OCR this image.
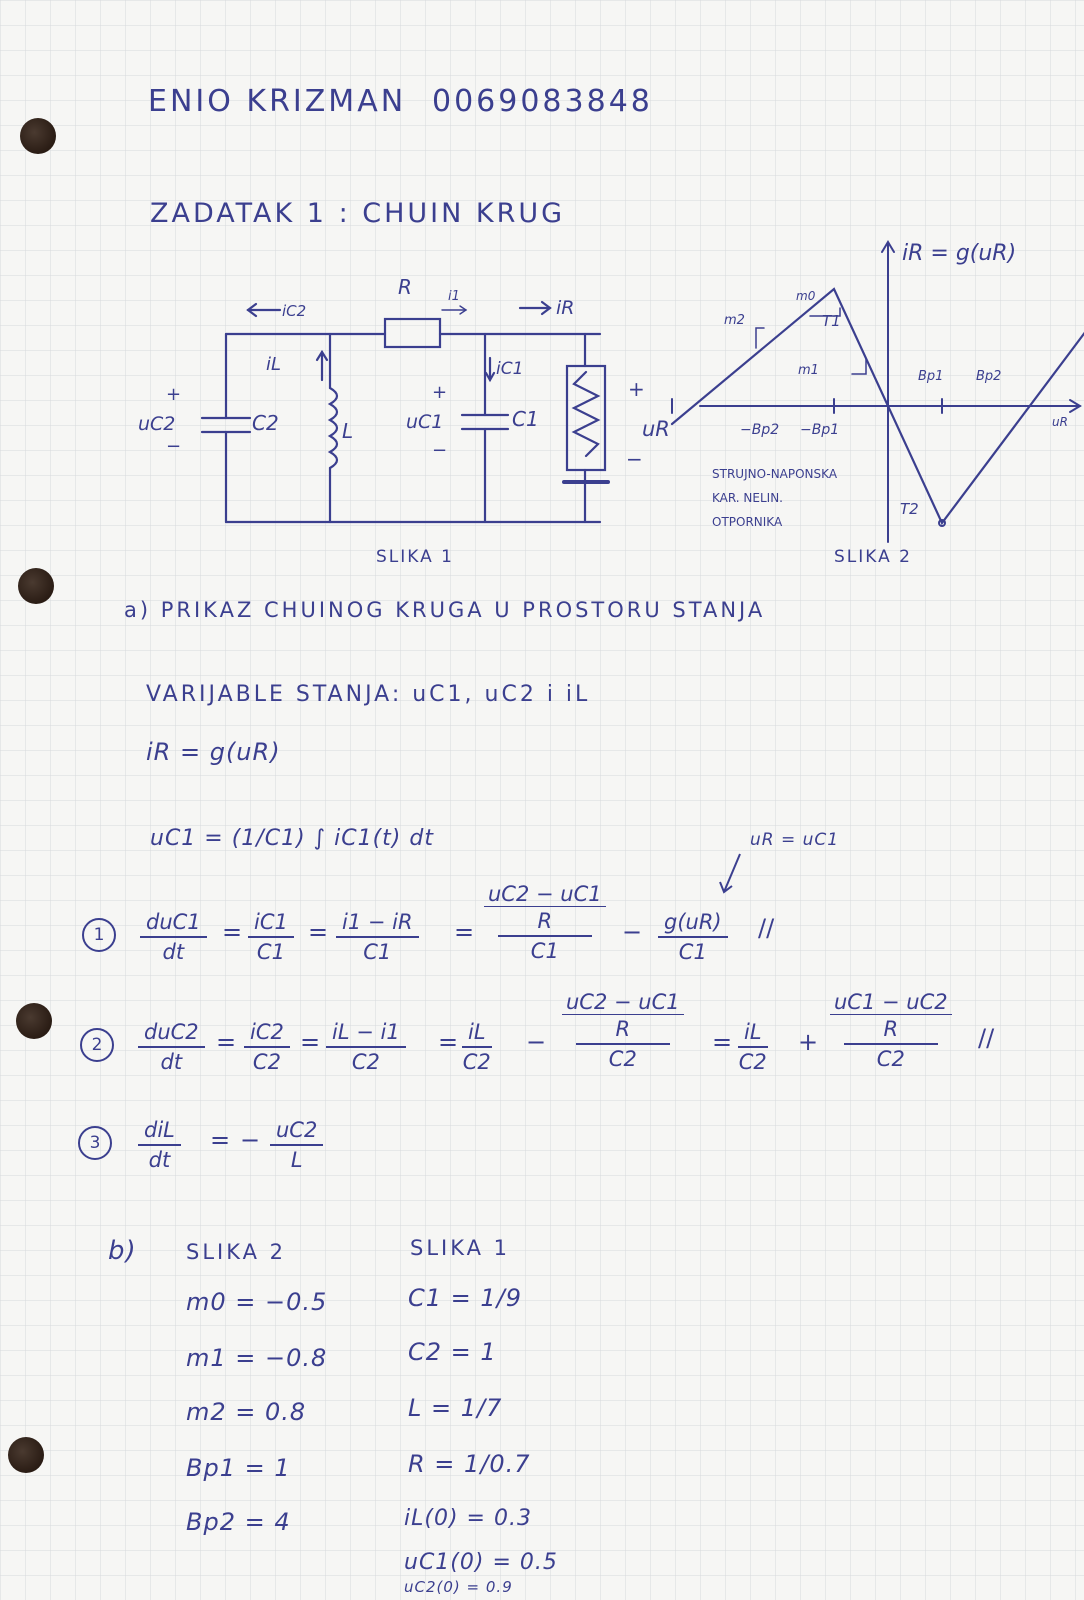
ENIO KRIZMAN 0069083848
ZADATAK 1 : CHUIN KRUG
R	i1
iR
iC2
iL	iC1
+
uC2
−
C2	L
+
uC1
−
C1
+
uR
−
SLIKA 1
iR = g(uR)
uR
T1
T2
m0
m1
m2
Bp1	Bp2
−Bp2 −Bp1
STRUJNO-NAPONSKA
KAR. NELIN.
OTPORNIKA
SLIKA 2
a) PRIKAZ CHUINOG KRUGA U PROSTORU STANJA
VARIJABLE STANJA: uC1, uC2 i iL
iR = g(uR)
uC1 = (1/C1) ∫ iC1(t) dt	uR = uC1
1
duC1
dt
= $\frac{iC1}{C1} = \frac{i1 - iR}{C1}$ =
uC2 − uC1
R
C1
− $\frac{g(uR)}{C1}$ //
2
duC2
dt
= $\frac{iC2}{C2} = \frac{iL - i1}{C2} = \frac{iL}{C2}$ −
uC2 − uC1
R
C2
= $\frac{iL}{C2}$ +
uC1 − uC2
R
C2
//
3
diL
dt
= − $\frac{uC2}{L}$
b) SLIKA 2	SLIKA 1
m0 = −0.5
m1 = −0.8
m2 = 0.8
Bp1 = 1
Bp2 = 4
C1 = 1/9
C2 = 1
L = 1/7
R = 1/0.7
iL(0) = 0.3
uC1(0) = 0.5
uC2(0) = 0.9
